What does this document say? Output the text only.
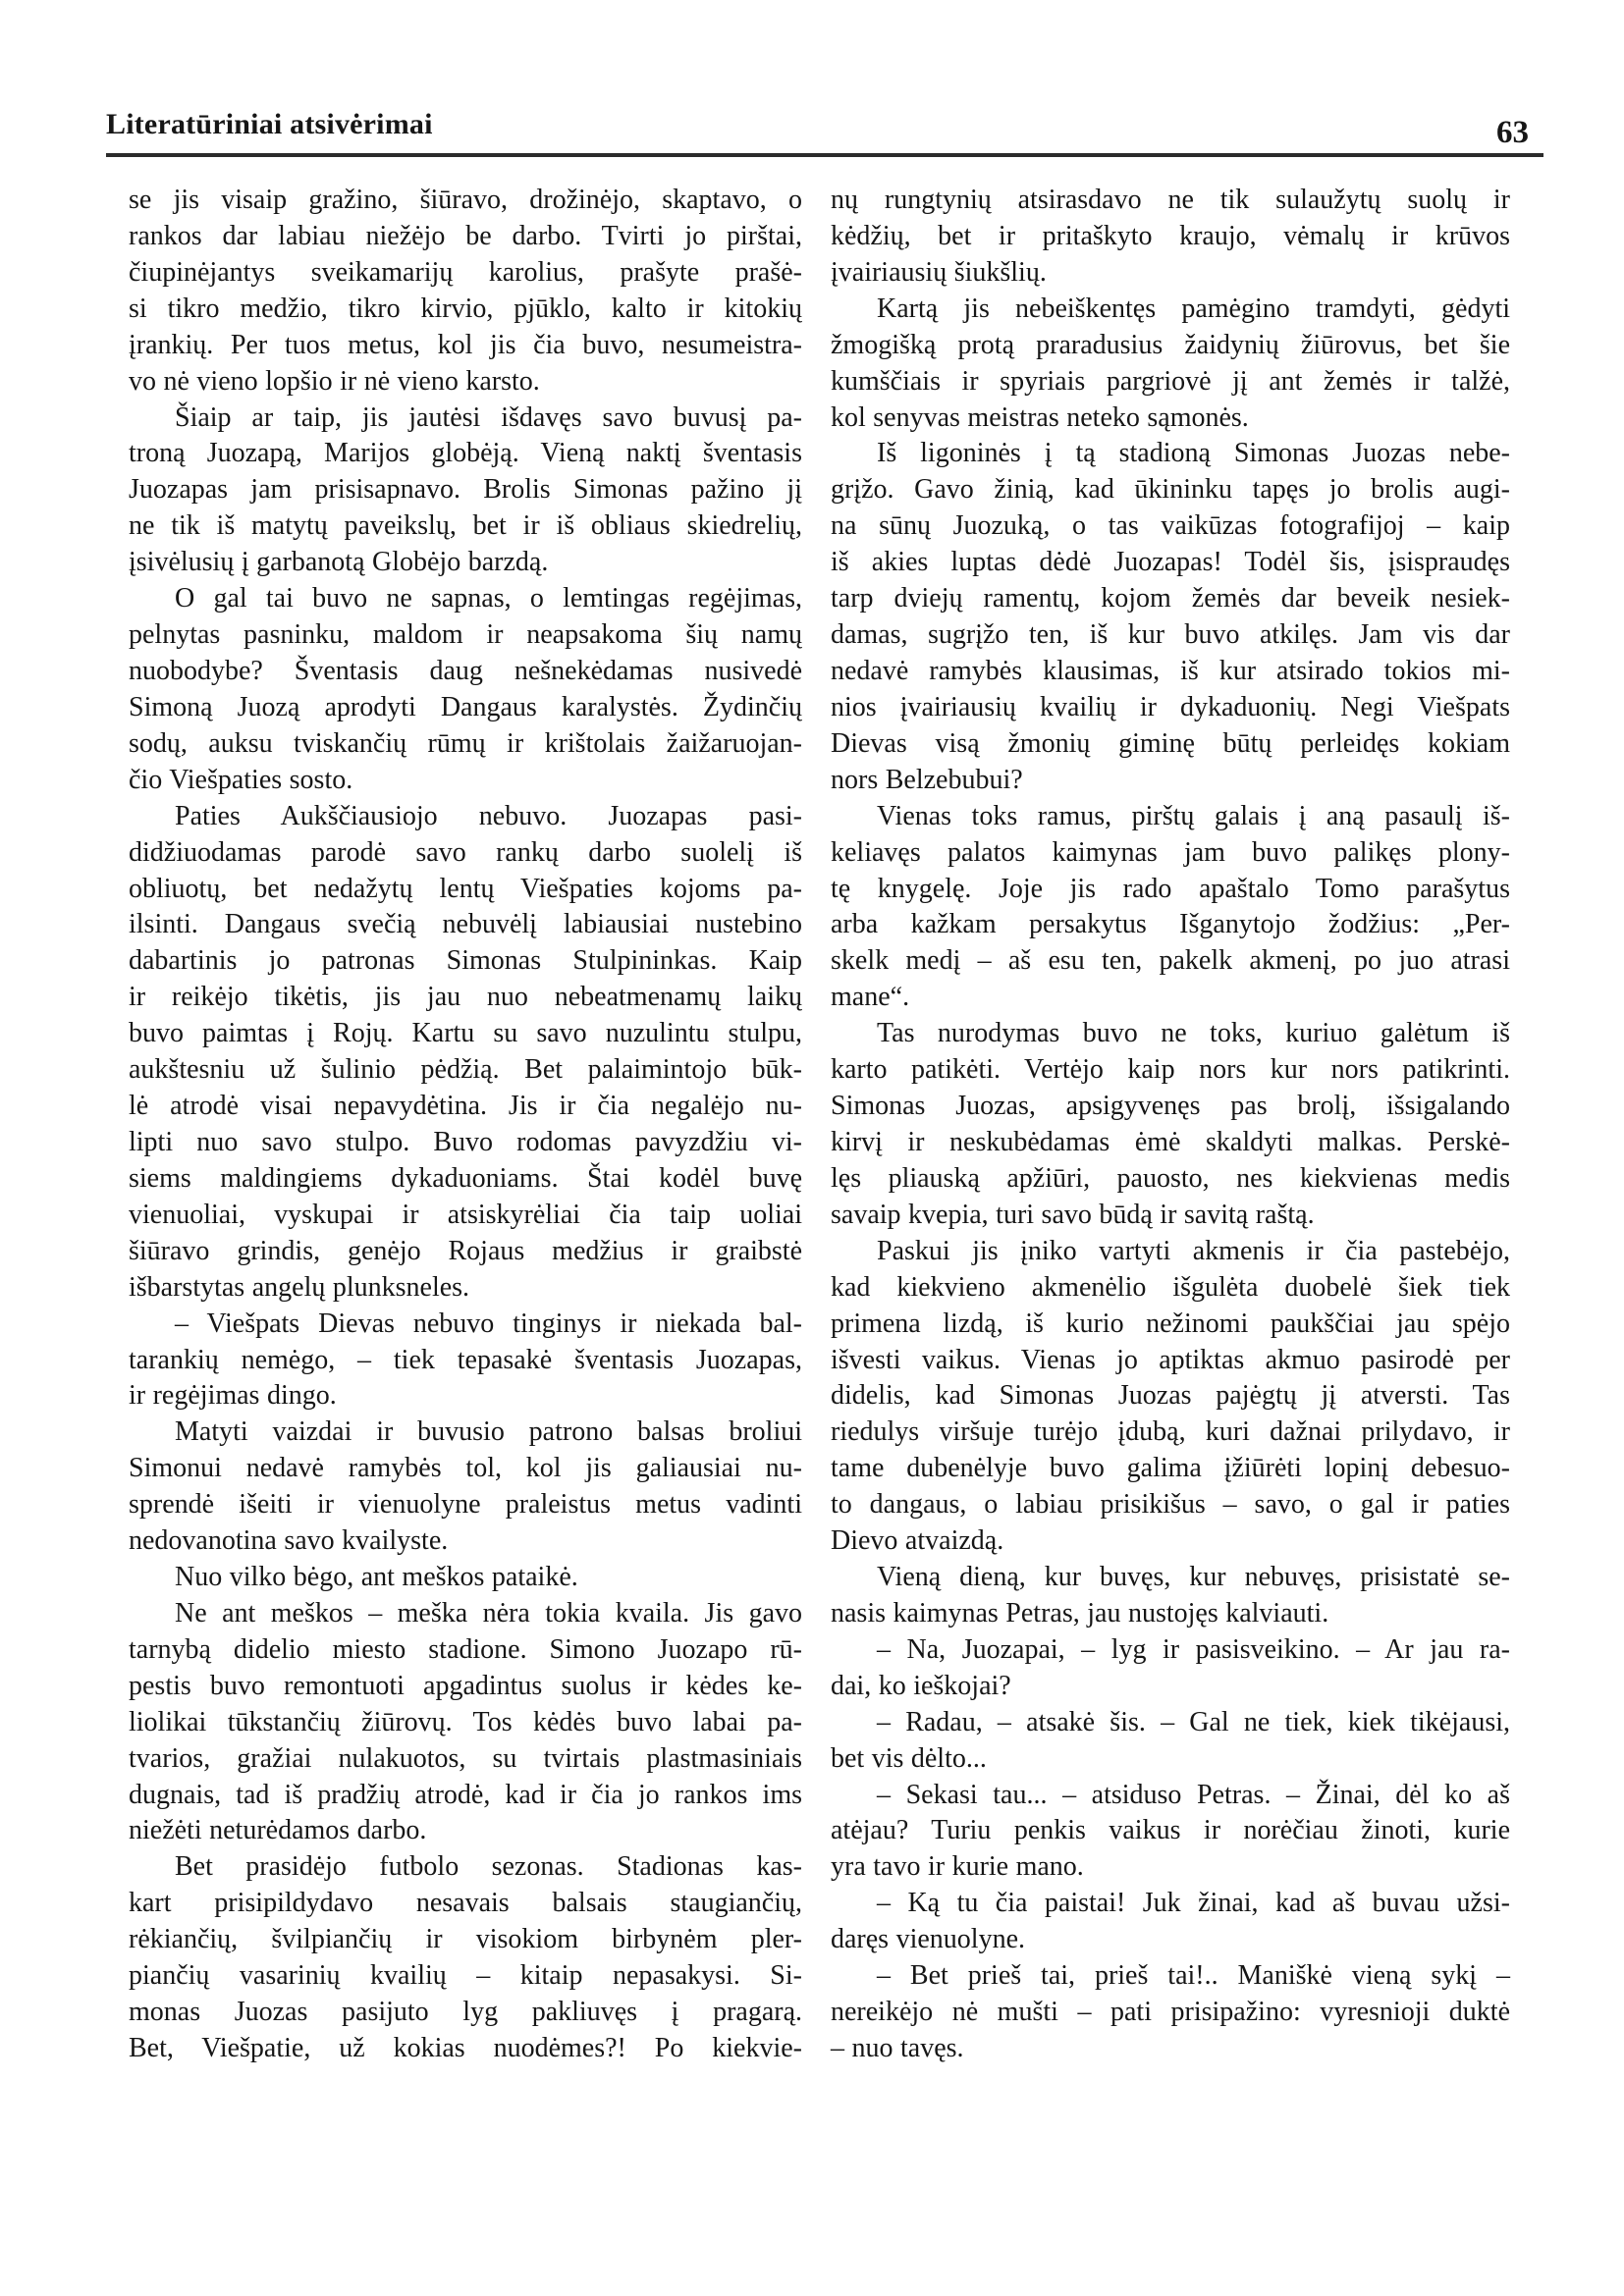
Literatūriniai atsivėrimai	63
se jis visaip gražino, šiūravo, drožinėjo, skaptavo, o
rankos dar labiau niežėjo be darbo. Tvirti jo pirštai,
čiupinėjantys sveikamarijų karolius, prašyte prašė-
si tikro medžio, tikro kirvio, pjūklo, kalto ir kitokių
įrankių. Per tuos metus, kol jis čia buvo, nesumeistra-
vo nė vieno lopšio ir nė vieno karsto.
Šiaip ar taip, jis jautėsi išdavęs savo buvusį pa-
troną Juozapą, Marijos globėją. Vieną naktį šventasis
Juozapas jam prisisapnavo. Brolis Simonas pažino jį
ne tik iš matytų paveikslų, bet ir iš obliaus skiedrelių,
įsivėlusių į garbanotą Globėjo barzdą.
O gal tai buvo ne sapnas, o lemtingas regėjimas,
pelnytas pasninku, maldom ir neapsakoma šių namų
nuobodybe? Šventasis daug nešnekėdamas nusivedė
Simoną Juozą aprodyti Dangaus karalystės. Žydinčių
sodų, auksu tviskančių rūmų ir krištolais žaižaruojan-
čio Viešpaties sosto.
Paties Aukščiausiojo nebuvo. Juozapas pasi-
didžiuodamas parodė savo rankų darbo suolelį iš
obliuotų, bet nedažytų lentų Viešpaties kojoms pa-
ilsinti. Dangaus svečią nebuvėlį labiausiai nustebino
dabartinis jo patronas Simonas Stulpininkas. Kaip
ir reikėjo tikėtis, jis jau nuo nebeatmenamų laikų
buvo paimtas į Rojų. Kartu su savo nuzulintu stulpu,
aukštesniu už šulinio pėdžią. Bet palaimintojo būk-
lė atrodė visai nepavydėtina. Jis ir čia negalėjo nu-
lipti nuo savo stulpo. Buvo rodomas pavyzdžiu vi-
siems maldingiems dykaduoniams. Štai kodėl buvę
vienuoliai, vyskupai ir atsiskyrėliai čia taip uoliai
šiūravo grindis, genėjo Rojaus medžius ir graibstė
išbarstytas angelų plunksneles.
– Viešpats Dievas nebuvo tinginys ir niekada bal-
tarankių nemėgo, – tiek tepasakė šventasis Juozapas,
ir regėjimas dingo.
Matyti vaizdai ir buvusio patrono balsas broliui
Simonui nedavė ramybės tol, kol jis galiausiai nu-
sprendė išeiti ir vienuolyne praleistus metus vadinti
nedovanotina savo kvailyste.
Nuo vilko bėgo, ant meškos pataikė.
Ne ant meškos – meška nėra tokia kvaila. Jis gavo
tarnybą didelio miesto stadione. Simono Juozapo rū-
pestis buvo remontuoti apgadintus suolus ir kėdes ke-
liolikai tūkstančių žiūrovų. Tos kėdės buvo labai pa-
tvarios, gražiai nulakuotos, su tvirtais plastmasiniais
dugnais, tad iš pradžių atrodė, kad ir čia jo rankos ims
niežėti neturėdamos darbo.
Bet prasidėjo futbolo sezonas. Stadionas kas-
kart prisipildydavo nesavais balsais staugiančių,
rėkiančių, švilpiančių ir visokiom birbynėm pler-
piančių vasarinių kvailių – kitaip nepasakysi. Si-
monas Juozas pasijuto lyg pakliuvęs į pragarą.
Bet, Viešpatie, už kokias nuodėmes?! Po kiekvie-
nų rungtynių atsirasdavo ne tik sulaužytų suolų ir
kėdžių, bet ir pritaškyto kraujo, vėmalų ir krūvos
įvairiausių šiukšlių.
Kartą jis nebeiškentęs pamėgino tramdyti, gėdyti
žmogišką protą praradusius žaidynių žiūrovus, bet šie
kumščiais ir spyriais pargriovė jį ant žemės ir talžė,
kol senyvas meistras neteko sąmonės.
Iš ligoninės į tą stadioną Simonas Juozas nebe-
grįžo. Gavo žinią, kad ūkininku tapęs jo brolis augi-
na sūnų Juozuką, o tas vaikūzas fotografijoj – kaip
iš akies luptas dėdė Juozapas! Todėl šis, įsispraudęs
tarp dviejų ramentų, kojom žemės dar beveik nesiek-
damas, sugrįžo ten, iš kur buvo atkilęs. Jam vis dar
nedavė ramybės klausimas, iš kur atsirado tokios mi-
nios įvairiausių kvailių ir dykaduonių. Negi Viešpats
Dievas visą žmonių giminę būtų perleidęs kokiam
nors Belzebubui?
Vienas toks ramus, pirštų galais į aną pasaulį iš-
keliavęs palatos kaimynas jam buvo palikęs plony-
tę knygelę. Joje jis rado apaštalo Tomo parašytus
arba kažkam persakytus Išganytojo žodžius: „Per-
skelk medį – aš esu ten, pakelk akmenį, po juo atrasi
mane“.
Tas nurodymas buvo ne toks, kuriuo galėtum iš
karto patikėti. Vertėjo kaip nors kur nors patikrinti.
Simonas Juozas, apsigyvenęs pas brolį, išsigalando
kirvį ir neskubėdamas ėmė skaldyti malkas. Perskė-
lęs pliauską apžiūri, pauosto, nes kiekvienas medis
savaip kvepia, turi savo būdą ir savitą raštą.
Paskui jis įniko vartyti akmenis ir čia pastebėjo,
kad kiekvieno akmenėlio išgulėta duobelė šiek tiek
primena lizdą, iš kurio nežinomi paukščiai jau spėjo
išvesti vaikus. Vienas jo aptiktas akmuo pasirodė per
didelis, kad Simonas Juozas pajėgtų jį atversti. Tas
riedulys viršuje turėjo įdubą, kuri dažnai prilydavo, ir
tame dubenėlyje buvo galima įžiūrėti lopinį debesuo-
to dangaus, o labiau prisikišus – savo, o gal ir paties
Dievo atvaizdą.
Vieną dieną, kur buvęs, kur nebuvęs, prisistatė se-
nasis kaimynas Petras, jau nustojęs kalviauti.
– Na, Juozapai, – lyg ir pasisveikino. – Ar jau ra-
dai, ko ieškojai?
– Radau, – atsakė šis. – Gal ne tiek, kiek tikėjausi,
bet vis dėlto...
– Sekasi tau... – atsiduso Petras. – Žinai, dėl ko aš
atėjau? Turiu penkis vaikus ir norėčiau žinoti, kurie
yra tavo ir kurie mano.
– Ką tu čia paistai! Juk žinai, kad aš buvau užsi-
daręs vienuolyne.
– Bet prieš tai, prieš tai!.. Maniškė vieną sykį –
nereikėjo nė mušti – pati prisipažino: vyresnioji duktė
– nuo tavęs.
